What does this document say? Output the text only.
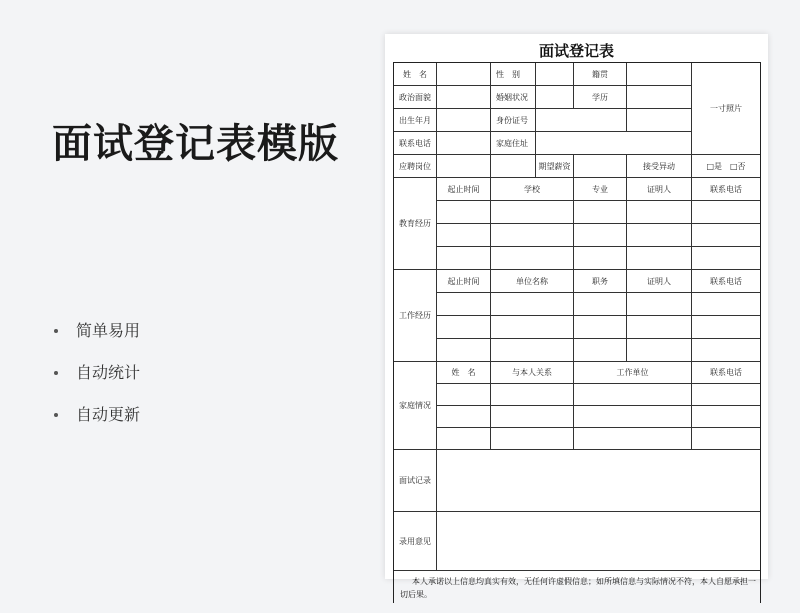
面试登记表模版
简单易用
自动统计
自动更新
面试登记表
姓　名	性　别	籍贯
一寸照片
政治面貌	婚姻状况	学历
出生年月	身份证号
联系电话	家庭住址
应聘岗位	期望薪资	接受异动	□是　□否
教育经历
起止时间	学校	专业	证明人	联系电话
工作经历
起止时间	单位名称	职务	证明人	联系电话
家庭情况
姓　名	与本人关系	工作单位	联系电话
面试记录
录用意见
本人承诺以上信息均真实有效，无任何许虚假信息；如所填信息与实际情况不符，本人自愿承担一切后果。
